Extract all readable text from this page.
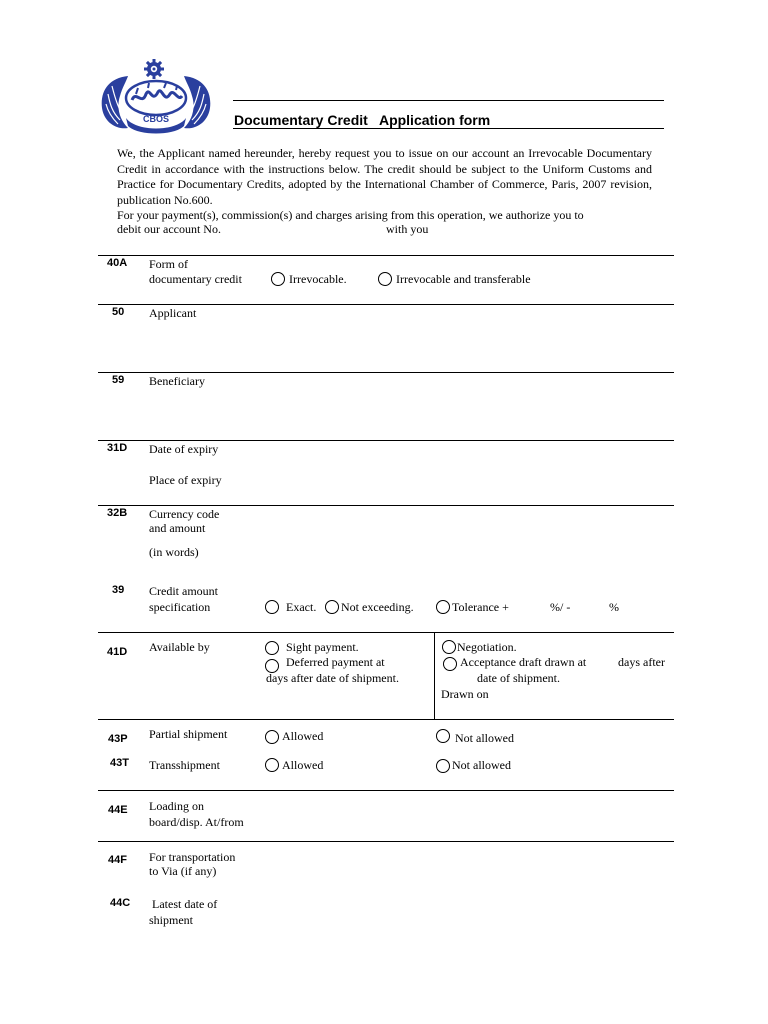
CBOS	Documentary Credit   Application form

We, the Applicant named hereunder, hereby request you to issue on our account an Irrevocable Documentary Credit in accordance with the instructions below. The credit should be subject to the Uniform Customs and Practice for Documentary Credits, adopted by the International Chamber of Commerce, Paris, 2007 revision, publication No.600.

For your payment(s), commission(s) and charges arising from this operation, we authorize you to

debit our account No.	with you
40A Form of
documentary credit	Irrevocable.	Irrevocable and transferable
50 Applicant
59 Beneficiary
31D Date of expiry
Place of expiry
32B Currency code
and amount
(in words)
39 Credit amount
specification	Exact. Not exceeding.	Tolerance +	%/ -	%
41D Available by	Sight payment.
Deferred payment at
days after date of shipment.
Negotiation.
Acceptance draft drawn at	days after
date of shipment.
Drawn on
43P Partial shipment	Allowed	Not allowed
43T Transshipment	Allowed	Not allowed
44E Loading on
board/disp. At/from
44F For transportation
to Via (if any)
44C Latest date of
shipment
